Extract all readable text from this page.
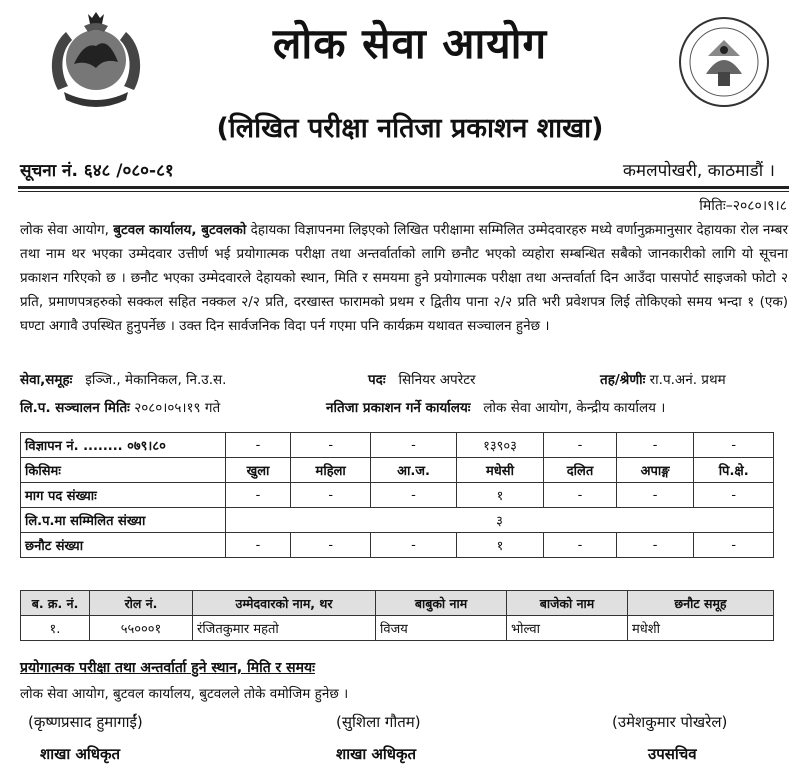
लोक सेवा आयोग
(लिखित परीक्षा नतिजा प्रकाशन शाखा)
सूचना नं. ६४८ /०८०-८१	कमलपोखरी, काठमाडौं ।
मितिः–२०८०।९।८
लोक सेवा आयोग, बुटवल कार्यालय, बुटवलको देहायका विज्ञापनमा लिइएको लिखित परीक्षामा सम्मिलित उम्मेदवारहरु मध्ये वर्णानुक्रमानुसार देहायका रोल नम्बर तथा नाम थर भएका उम्मेदवार उत्तीर्ण भई प्रयोगात्मक परीक्षा तथा अन्तर्वार्ताको लागि छनौट भएको व्यहोरा सम्बन्धित सबैको जानकारीको लागि यो सूचना प्रकाशन गरिएको छ । छनौट भएका उम्मेदवारले देहायको स्थान, मिति र समयमा हुने प्रयोगात्मक परीक्षा तथा अन्तर्वार्ता दिन आउँदा पासपोर्ट साइजको फोटो २ प्रति, प्रमाणपत्रहरुको सक्कल सहित नक्कल २/२ प्रति, दरखास्त फारामको प्रथम र द्वितीय पाना २/२ प्रति भरी प्रवेशपत्र लिई तोकिएको समय भन्दा १ (एक) घण्टा अगावै उपस्थित हुनुपर्नेछ । उक्त दिन सार्वजनिक विदा पर्न गएमा पनि कार्यक्रम यथावत सञ्चालन हुनेछ ।
सेवा,समूहः इञ्जि., मेकानिकल, नि.उ.स.	पदः सिनियर अपरेटर	तह/श्रेणीः रा.प.अनं. प्रथम
लि.प. सञ्चालन मितिः २०८०।०५।१९ गते	नतिजा प्रकाशन गर्ने कार्यालयः लोक सेवा आयोग, केन्द्रीय कार्यालय ।
विज्ञापन नं. ........ ०७९।८०	-	-	-	१३९०३	-	-	-
किसिमः	खुला	महिला	आ.ज.	मधेसी	दलित	अपाङ्ग	पि.क्षे.
माग पद संख्याः	-	-	-	१	-	-	-
लि.प.मा सम्मिलित संख्या	३						
छनौट संख्या	-	-	-	१	-	-	-
ब. क्र. नं.	रोल नं.	उम्मेदवारको नाम, थर	बाबुको नाम	बाजेको नाम	छनौट समूह
१.	५५०००१	रंजितकुमार महतो	विजय	भोल्वा	मधेशी
प्रयोगात्मक परीक्षा तथा अन्तर्वार्ता हुने स्थान, मिति र समयः
लोक सेवा आयोग, बुटवल कार्यालय, बुटवलले तोके वमोजिम हुनेछ ।
(कृष्णप्रसाद हुमागाईं)
शाखा अधिकृत
(सुशिला गौतम)
शाखा अधिकृत
(उमेशकुमार पोखरेल)
उपसचिव
